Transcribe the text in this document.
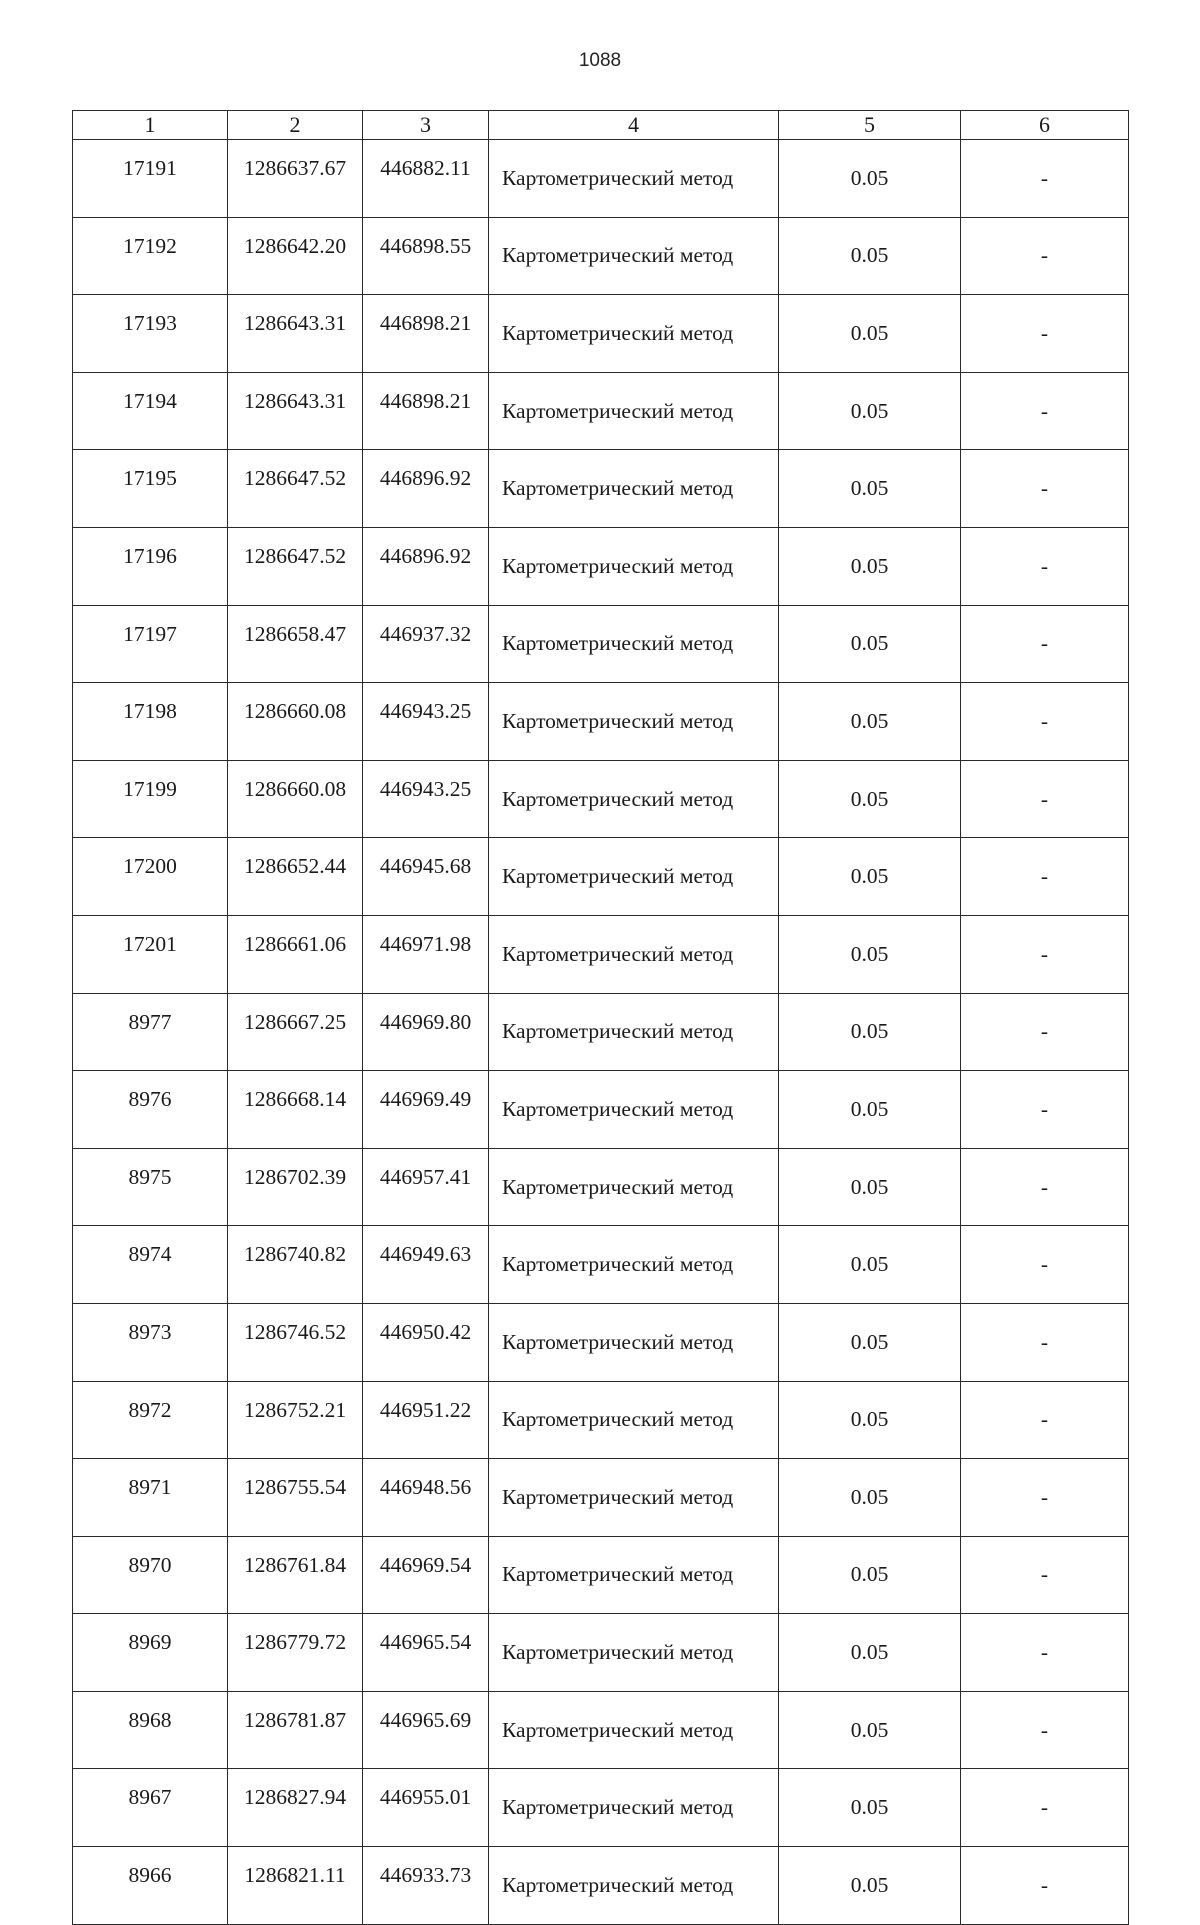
1088
1	2	3	4	5	6
17191	1286637.67	446882.11	Картометрический метод	0.05	-
17192	1286642.20	446898.55	Картометрический метод	0.05	-
17193	1286643.31	446898.21	Картометрический метод	0.05	-
17194	1286643.31	446898.21	Картометрический метод	0.05	-
17195	1286647.52	446896.92	Картометрический метод	0.05	-
17196	1286647.52	446896.92	Картометрический метод	0.05	-
17197	1286658.47	446937.32	Картометрический метод	0.05	-
17198	1286660.08	446943.25	Картометрический метод	0.05	-
17199	1286660.08	446943.25	Картометрический метод	0.05	-
17200	1286652.44	446945.68	Картометрический метод	0.05	-
17201	1286661.06	446971.98	Картометрический метод	0.05	-
8977	1286667.25	446969.80	Картометрический метод	0.05	-
8976	1286668.14	446969.49	Картометрический метод	0.05	-
8975	1286702.39	446957.41	Картометрический метод	0.05	-
8974	1286740.82	446949.63	Картометрический метод	0.05	-
8973	1286746.52	446950.42	Картометрический метод	0.05	-
8972	1286752.21	446951.22	Картометрический метод	0.05	-
8971	1286755.54	446948.56	Картометрический метод	0.05	-
8970	1286761.84	446969.54	Картометрический метод	0.05	-
8969	1286779.72	446965.54	Картометрический метод	0.05	-
8968	1286781.87	446965.69	Картометрический метод	0.05	-
8967	1286827.94	446955.01	Картометрический метод	0.05	-
8966	1286821.11	446933.73	Картометрический метод	0.05	-
